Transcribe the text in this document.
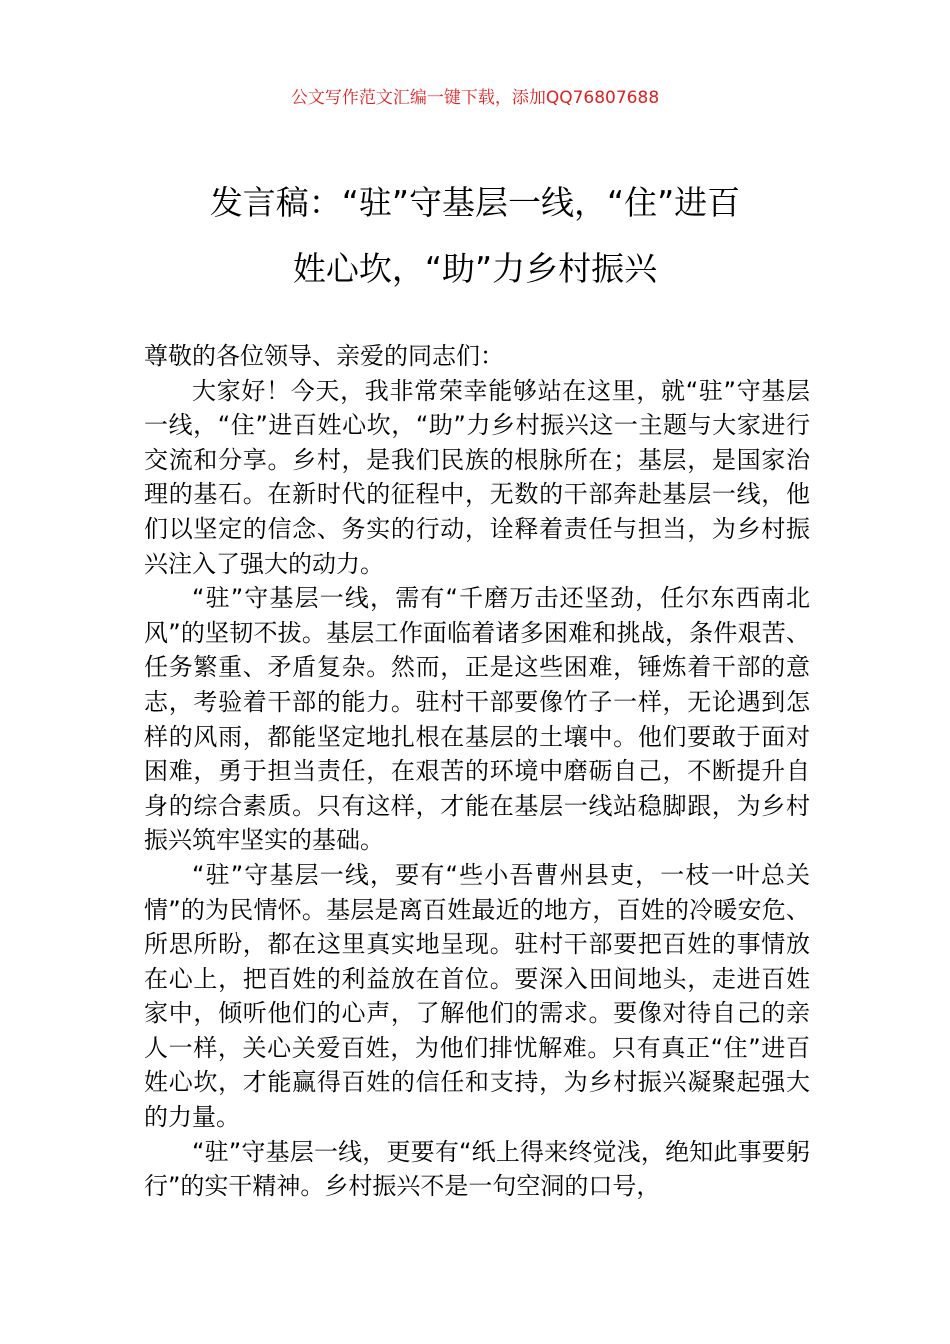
公文写作范文汇编一键下载，添加QQ76807688
发言稿：“驻”守基层一线，“住”进百
姓心坎，“助”力乡村振兴

尊敬的各位领导、亲爱的同志们：

大家好！今天，我非常荣幸能够站在这里，就“驻”守基层一线，“住”进百姓心坎，“助”力乡村振兴这一主题与大家进行交流和分享。乡村，是我们民族的根脉所在；基层，是国家治理的基石。在新时代的征程中，无数的干部奔赴基层一线，他们以坚定的信念、务实的行动，诠释着责任与担当，为乡村振兴注入了强大的动力。

“驻”守基层一线，需有“千磨万击还坚劲，任尔东西南北风”的坚韧不拔。基层工作面临着诸多困难和挑战，条件艰苦、任务繁重、矛盾复杂。然而，正是这些困难，锤炼着干部的意志，考验着干部的能力。驻村干部要像竹子一样，无论遇到怎样的风雨，都能坚定地扎根在基层的土壤中。他们要敢于面对困难，勇于担当责任，在艰苦的环境中磨砺自己，不断提升自身的综合素质。只有这样，才能在基层一线站稳脚跟，为乡村振兴筑牢坚实的基础。

“驻”守基层一线，要有“些小吾曹州县吏，一枝一叶总关情”的为民情怀。基层是离百姓最近的地方，百姓的冷暖安危、所思所盼，都在这里真实地呈现。驻村干部要把百姓的事情放在心上，把百姓的利益放在首位。要深入田间地头，走进百姓家中，倾听他们的心声，了解他们的需求。要像对待自己的亲人一样，关心关爱百姓，为他们排忧解难。只有真正“住”进百姓心坎，才能赢得百姓的信任和支持，为乡村振兴凝聚起强大的力量。

“驻”守基层一线，更要有“纸上得来终觉浅，绝知此事要躬行”的实干精神。乡村振兴不是一句空洞的口号，
